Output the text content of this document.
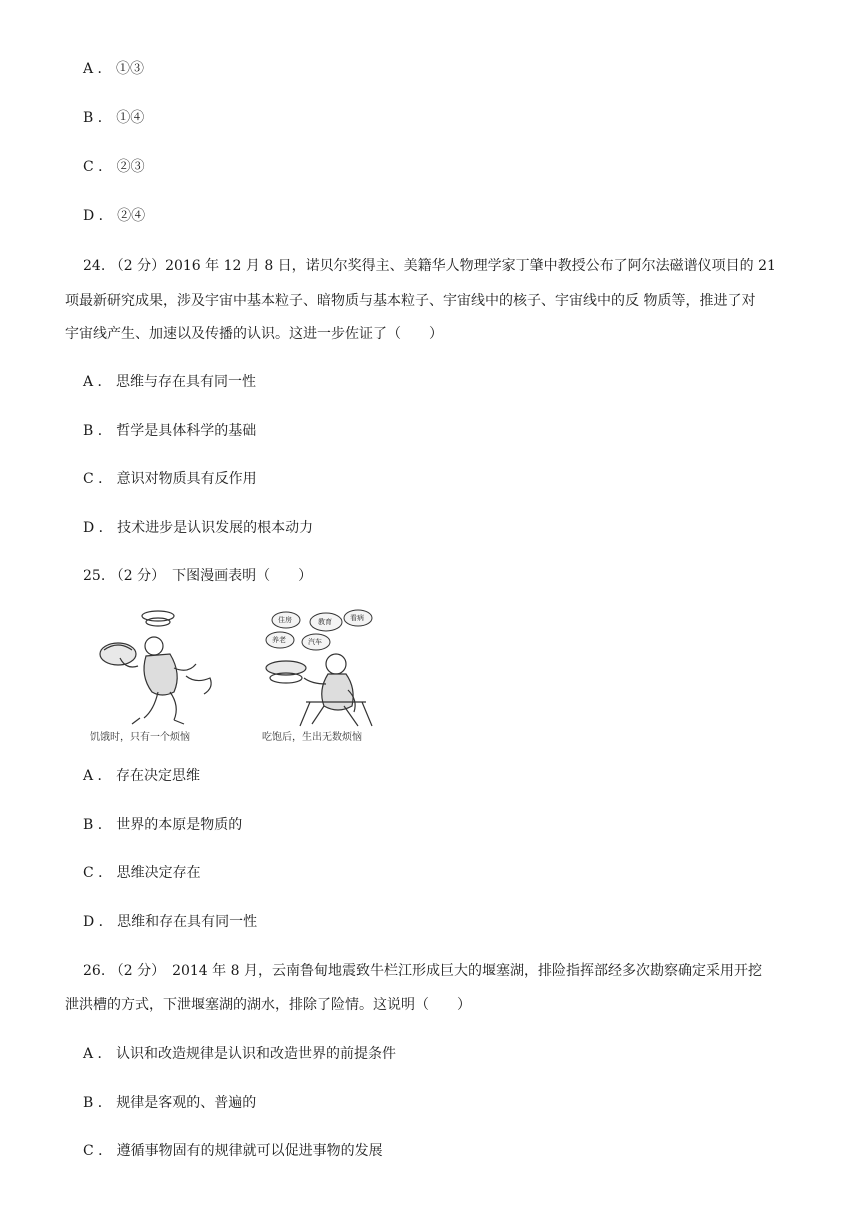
A ． ①③
B ． ①④
C ． ②③
D ． ②④

24. （2 分）2016 年 12 月 8 日，诺贝尔奖得主、美籍华人物理学家丁肇中教授公布了阿尔法磁谱仪项目的 21

项最新研究成果，涉及宇宙中基本粒子、暗物质与基本粒子、宇宙线中的核子、宇宙线中的反 物质等，推进了对
宇宙线产生、加速以及传播的认识。这进一步佐证了（　　）
A ． 思维与存在具有同一性
B ． 哲学是具体科学的基础
C ． 意识对物质具有反作用
D ． 技术进步是认识发展的根本动力
25. （2 分）　下图漫画表明（　　）
饥饿时，只有一个烦恼
住房	教育	看病
养老	汽车
吃饱后，生出无数烦恼
A ． 存在决定思维
B ． 世界的本原是物质的
C ． 思维决定存在
D ． 思维和存在具有同一性
26. （2 分）　2014 年 8 月，云南鲁甸地震致牛栏江形成巨大的堰塞湖，排险指挥部经多次勘察确定采用开挖
泄洪槽的方式，下泄堰塞湖的湖水，排除了险情。这说明（　　）
A ． 认识和改造规律是认识和改造世界的前提条件
B ． 规律是客观的、普遍的
C ． 遵循事物固有的规律就可以促进事物的发展
